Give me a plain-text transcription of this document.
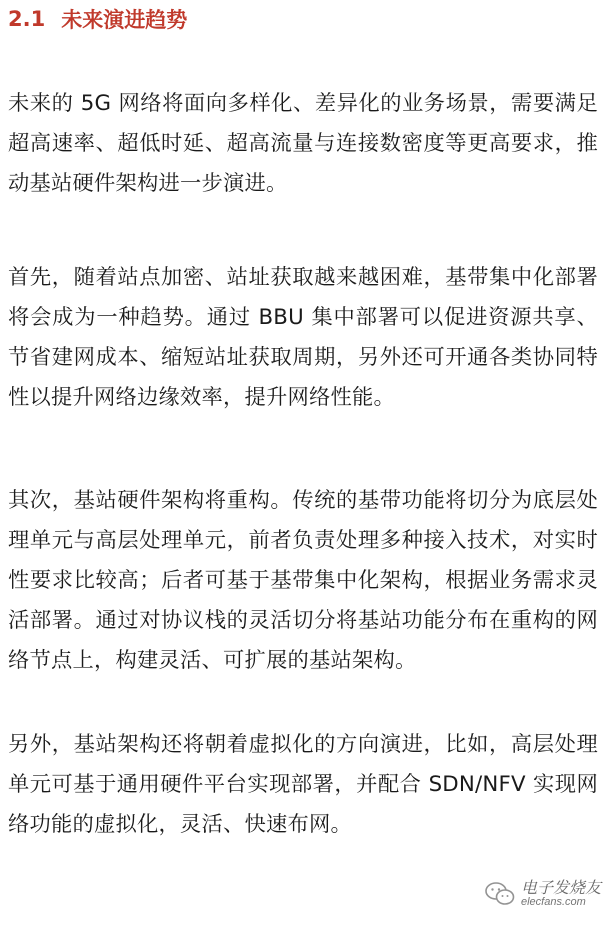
2.1 未来演进趋势
未来的 5G 网络将面向多样化、差异化的业务场景，需要满足超高速率、超低时延、超高流量与连接数密度等更高要求，推动基站硬件架构进一步演进。
首先，随着站点加密、站址获取越来越困难，基带集中化部署将会成为一种趋势。通过 BBU 集中部署可以促进资源共享、节省建网成本、缩短站址获取周期，另外还可开通各类协同特性以提升网络边缘效率，提升网络性能。
其次，基站硬件架构将重构。传统的基带功能将切分为底层处理单元与高层处理单元，前者负责处理多种接入技术，对实时性要求比较高；后者可基于基带集中化架构，根据业务需求灵活部署。通过对协议栈的灵活切分将基站功能分布在重构的网络节点上，构建灵活、可扩展的基站架构。
另外，基站架构还将朝着虚拟化的方向演进，比如，高层处理单元可基于通用硬件平台实现部署，并配合 SDN/NFV 实现网络功能的虚拟化，灵活、快速布网。
电子发烧友
elecfans.com
